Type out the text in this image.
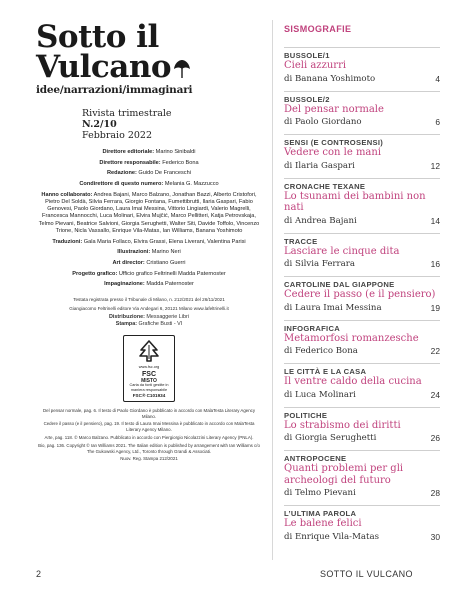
Sotto il
Vulcano
idee/narrazioni/immaginari
Rivista trimestrale
N.2/10
Febbraio 2022
Direttore editoriale: Marino Sinibaldi
Direttore responsabile: Federico Bona
Redazione: Guido De Franceschi
Condirettore di questo numero: Melania G. Mazzucco
Hanno collaborato: Andrea Bajani, Marco Balzano, Jonathan Bazzi, Alberto Cristofori, Pietro Del Soldà, Silvia Ferrara, Giorgio Fontana, Fumettibrutti, Ilaria Gaspari, Fabio Genovesi, Paolo Giordano, Laura Imai Messina, Vittorio Lingiardi, Valerio Magrelli, Francesca Mannocchi, Luca Molinari, Elvira Mujčić, Marco Pellitteri, Katja Petrovskaja, Telmo Pievani, Beatrice Salvioni, Giorgia Serughetti, Walter Siti, Davide Toffolo, Vincenzo Trione, Nicla Vassallo, Enrique Vila-Matas, Ian Williams, Banana Yoshimoto
Traduzioni: Gala Maria Follaco, Elvira Grassi, Elena Liverani, Valentina Parisi
Illustrazioni: Marino Neri
Art director: Cristiano Guerri
Progetto grafico: Ufficio grafico Feltrinelli Madda Paternoster
Impaginazione: Madda Paternoster
Testata registrata presso il Tribunale di Milano, n. 212/2021 del 26/11/2021
Giangiacomo Feltrinelli editore Via Andegari 6, 20121 Milano www.lafeltrinelli.it
Distribuzione: Messaggerie Libri
Stampa: Grafiche Busti - VI
www.fsc.org
FSC
MISTO
Carta da fonti gestite in maniera responsabile
FSC® C101934
Del pensar normale, pag. 6. Il testo di Paolo Giordano è pubblicato in accordo con MalaTesta Literary Agency Milano.
Cedere il passo (e il pensiero), pag. 19. Il testo di Laura Imai Messina è pubblicato in accordo con MalaTesta Literary Agency Milano.
Arte, pag. 118. © Marco Balzano. Pubblicato in accordo con Piergiorgio Nicolazzini Literary Agency (PNLA).
Bio, pag. 136. Copyright © Ian Williams 2021. The Italian edition is published by arrangement with Ian Williams c/o The Gukowski Agency, Ltd., Toronto through Grandi & Associati.
Nuov. Reg. Stampa 212/2021
SISMOGRAFIE
BUSSOLE/1
Cieli azzurri
di Banana Yoshimoto	4
BUSSOLE/2
Del pensar normale
di Paolo Giordano	6
SENSI (E CONTROSENSI)
Vedere con le mani
di Ilaria Gaspari	12
CRONACHE TEXANE
Lo tsunami dei bambini non nati
di Andrea Bajani	14
TRACCE
Lasciare le cinque dita
di Silvia Ferrara	16
CARTOLINE DAL GIAPPONE
Cedere il passo (e il pensiero)
di Laura Imai Messina	19
INFOGRAFICA
Metamorfosi romanzesche
di Federico Bona	22
LE CITTÀ E LA CASA
Il ventre caldo della cucina
di Luca Molinari	24
POLITICHE
Lo strabismo dei diritti
di Giorgia Serughetti	26
ANTROPOCENE
Quanti problemi per gli archeologi del futuro
di Telmo Pievani	28
L’ULTIMA PAROLA
Le balene felici
di Enrique Vila-Matas	30
2	SOTTO IL VULCANO
